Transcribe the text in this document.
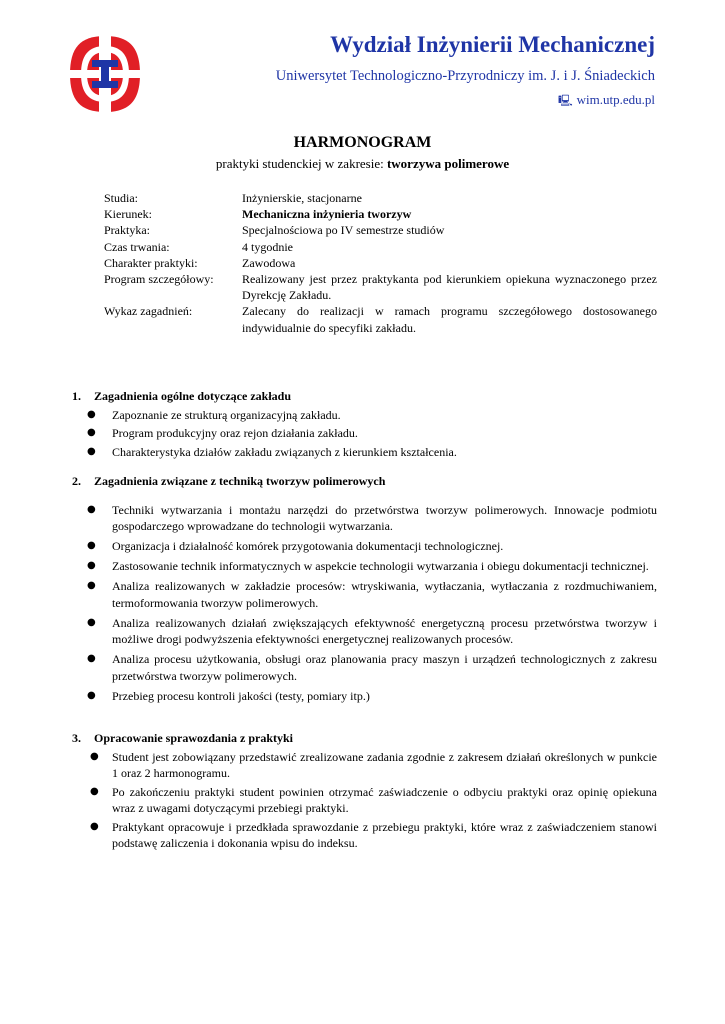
Wydział Inżynierii Mechanicznej
Uniwersytet Technologiczno-Przyrodniczy im. J. i J. Śniadeckich
🖳 wim.utp.edu.pl
HARMONOGRAM
praktyki studenckiej w zakresie: tworzywa polimerowe
Studia:	Inżynierskie, stacjonarne
Kierunek:	Mechaniczna inżynieria tworzyw
Praktyka:	Specjalnościowa po IV semestrze studiów
Czas trwania:	4 tygodnie
Charakter praktyki:	Zawodowa
Program szczegółowy:	Realizowany jest przez praktykanta pod kierunkiem opiekuna wyznaczonego przez Dyrekcję Zakładu.
Wykaz zagadnień:	Zalecany do realizacji w ramach programu szczegółowego dostosowanego indywidualnie do specyfiki zakładu.
1. Zagadnienia ogólne dotyczące zakładu
● Zapoznanie ze strukturą organizacyjną zakładu.
● Program produkcyjny oraz rejon działania zakładu.
● Charakterystyka działów zakładu związanych z kierunkiem kształcenia.
2. Zagadnienia związane z techniką tworzyw polimerowych
● Techniki wytwarzania i montażu narzędzi do przetwórstwa tworzyw polimerowych. Innowacje podmiotu gospodarczego wprowadzane do technologii wytwarzania.
● Organizacja i działalność komórek przygotowania dokumentacji technologicznej.
● Zastosowanie technik informatycznych w aspekcie technologii wytwarzania i obiegu dokumentacji technicznej.
● Analiza realizowanych w zakładzie procesów: wtryskiwania, wytłaczania, wytłaczania z rozdmuchiwaniem, termoformowania tworzyw polimerowych.
● Analiza realizowanych działań zwiększających efektywność energetyczną procesu przetwórstwa tworzyw i możliwe drogi podwyższenia efektywności energetycznej realizowanych procesów.
● Analiza procesu użytkowania, obsługi oraz planowania pracy maszyn i urządzeń technologicznych z zakresu przetwórstwa tworzyw polimerowych.
● Przebieg procesu kontroli jakości (testy, pomiary itp.)
3. Opracowanie sprawozdania z praktyki
● Student jest zobowiązany przedstawić zrealizowane zadania zgodnie z zakresem działań określonych w punkcie 1 oraz 2 harmonogramu.
● Po zakończeniu praktyki student powinien otrzymać zaświadczenie o odbyciu praktyki oraz opinię opiekuna wraz z uwagami dotyczącymi przebiegi praktyki.
● Praktykant opracowuje i przedkłada sprawozdanie z przebiegu praktyki, które wraz z zaświadczeniem stanowi podstawę zaliczenia i dokonania wpisu do indeksu.
